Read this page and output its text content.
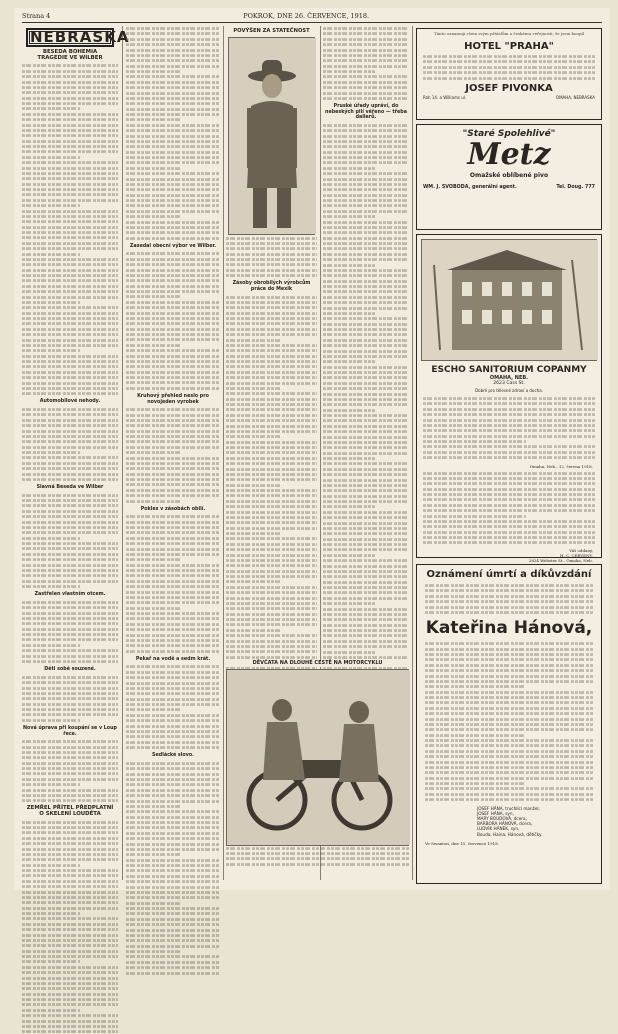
Strana 4	POKROK, DNE 26. ČERVENCE, 1918.
NEBRASKA
BESEDA BOHEMIA
TRAGEDIE VE WILBER
Automobilové nehody.
Slavná Beseda ve Wilber
Zastřelen vlastním otcem.
Děti sobě souzené.
Nová úprava při koupání se v Loup řece.
ZEMŘEL PŘÍTEL PŘEDPLATNÍ
O SKELENÍ LOUDĚTA
Zasedal obecní výbor ve Wilber.
Kruhový přehled neslo pro novojeden vyrobek
Pokles v zásobách obilí.
Pekař na vodě a sedm krát.
Sedlácké slovo.
POVÝŠEN ZA STATEČNOST
Zásoby obrobilých výrobcům práce do Mexik
Pruské úřady upráví, do nebeských pilí věřeno — třeba dallerů.
DĚVČATA NA DLOUHÉ CESTĚ NA MOTORCYKLU
Tímto oznamuji všem svým přátelům a českému veřejnosti, že jsem koupil
HOTEL "PRAHA"
JOSEF PIVONKA
Roh 14. a Williams ul.	OMAHA, NEBRASKA
"Staré Spolehlivé"
Metz
Omažské oblíbené pivo
WM. J. SVOBODA, generální agent.	Tel. Doug. 777
ESCHO SANITORIUM COPANMY
OMAHA, NEB.
2623 Cass St.
Dobré pro tělesné zdraví a ducha.
Omaha, Neb., 12. června 1918.
Váš oddaný,
H. C. CERVENY,
2824 Webster St., Omaha, Neb.
Oznámení úmrtí a díkůvzdání
Kateřina Hánová,
JOSEF HÁNA, truchlící manžel,
JOSEF HÁNA, syn,
MARY BOUDOVÁ, dcera,
BARBORA HÁNOVÁ, dcera,
LUDVÍK HÁNEK, syn,
Bouda, Haina, Hánová, dětičky.
Ve Swanton, dne 15. července 1918.
